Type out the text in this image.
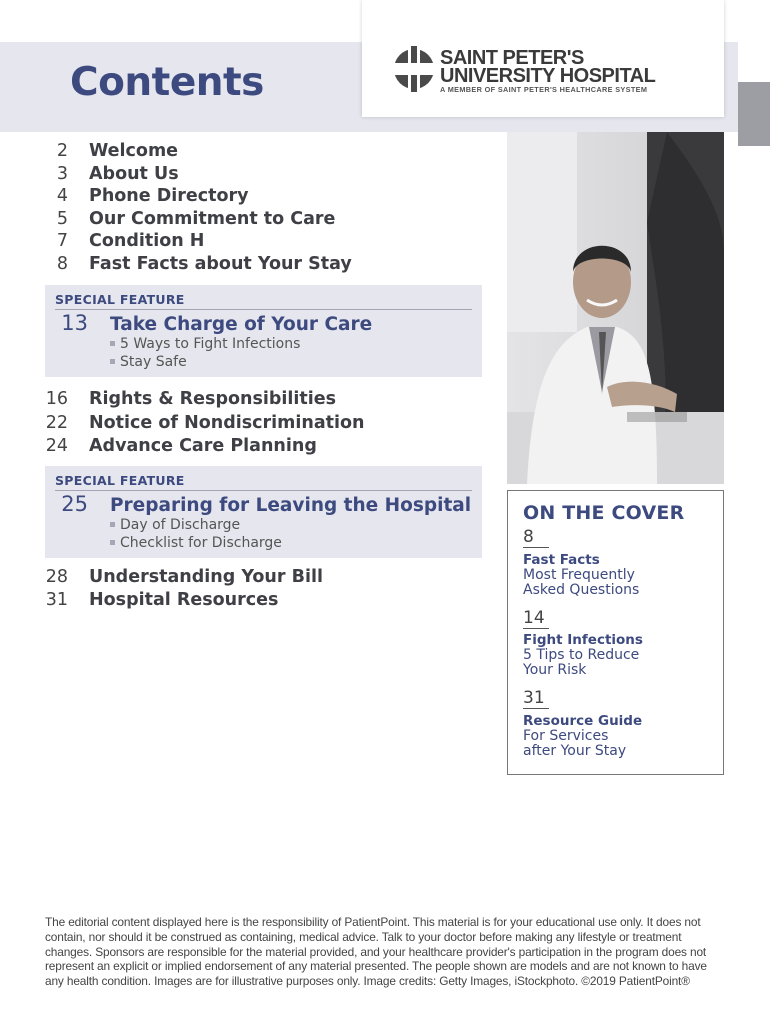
Contents
SAINT PETER'S
UNIVERSITY HOSPITAL
A MEMBER OF SAINT PETER'S HEALTHCARE SYSTEM
2	Welcome
3	About Us
4	Phone Directory
5	Our Commitment to Care
7	Condition H
8	Fast Facts about Your Stay
SPECIAL FEATURE
13 Take Charge of Your Care
5 Ways to Fight Infections
Stay Safe
16	Rights & Responsibilities
22	Notice of Nondiscrimination
24	Advance Care Planning
SPECIAL FEATURE
25 Preparing for Leaving the Hospital
Day of Discharge
Checklist for Discharge
28	Understanding Your Bill
31	Hospital Resources
ON THE COVER
8
Fast Facts
Most Frequently
Asked Questions
14
Fight Infections
5 Tips to Reduce
Your Risk
31
Resource Guide
For Services
after Your Stay

The editorial content displayed here is the responsibility of PatientPoint. This material is for your educational use only. It does not contain, nor should it be construed as containing, medical advice. Talk to your doctor before making any lifestyle or treatment changes. Sponsors are responsible for the material provided, and your healthcare provider's participation in the program does not represent an explicit or implied endorsement of any material presented. The people shown are models and are not known to have any health condition. Images are for illustrative purposes only. Image credits: Getty Images, iStockphoto. ©2019 PatientPoint®
